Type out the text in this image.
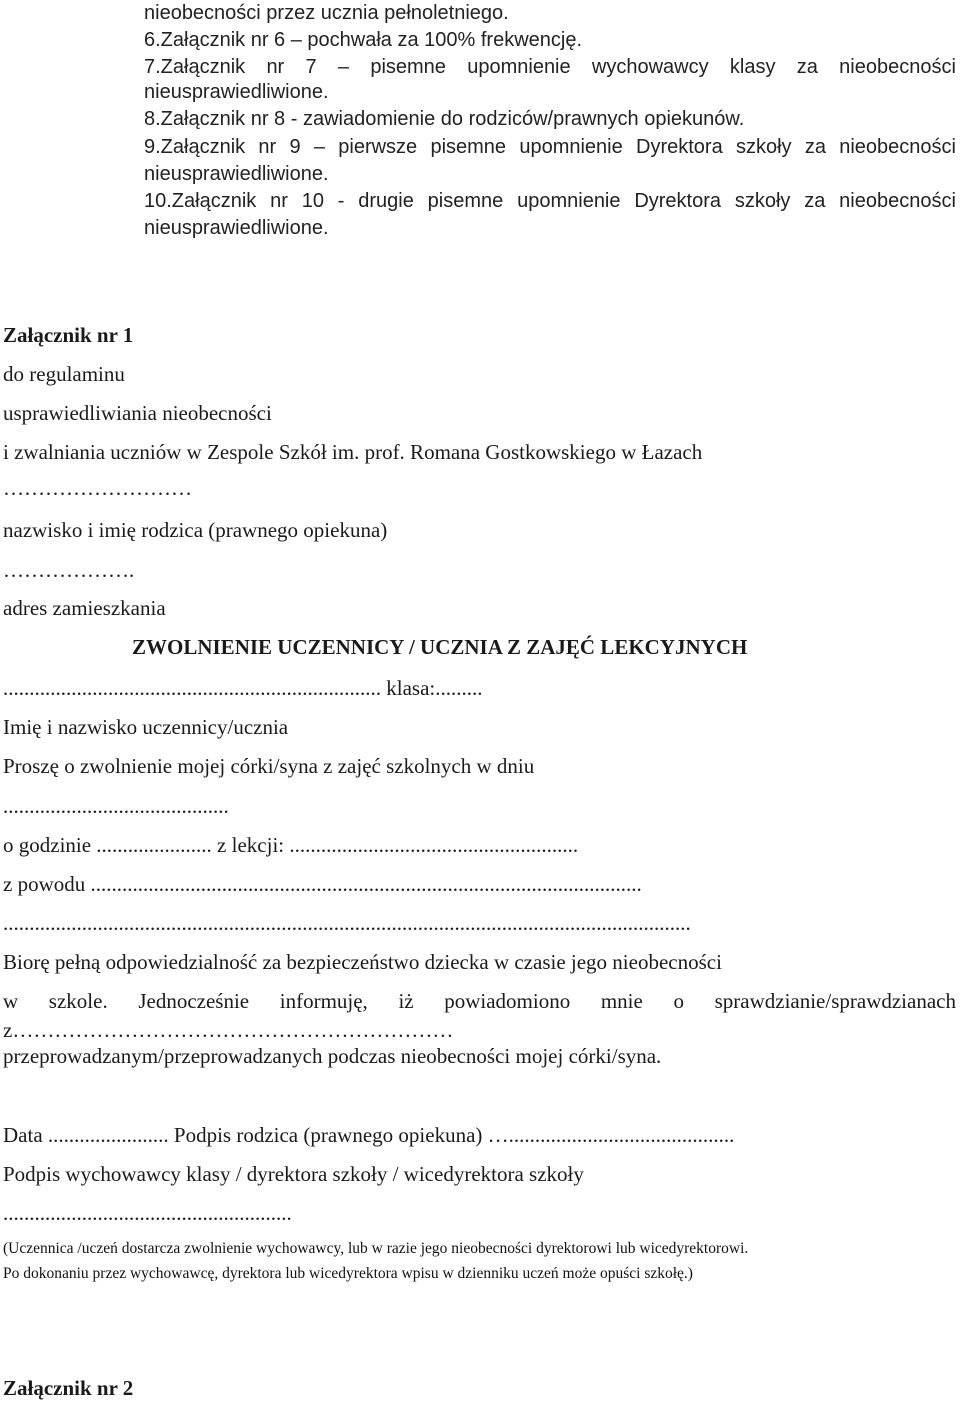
nieobecności przez ucznia pełnoletniego.
6.Załącznik nr 6 – pochwała za 100% frekwencję.
7.Załącznik nr 7 – pisemne upomnienie wychowawcy klasy za nieobecności
nieusprawiedliwione.
8.Załącznik nr 8 - zawiadomienie do rodziców/prawnych opiekunów.
9.Załącznik nr 9 – pierwsze pisemne upomnienie Dyrektora szkoły za nieobecności
nieusprawiedliwione.
10.Załącznik nr 10 - drugie pisemne upomnienie Dyrektora szkoły za nieobecności
nieusprawiedliwione.
Załącznik nr 1
do regulaminu
usprawiedliwiania nieobecności
i zwalniania uczniów w Zespole Szkół im. prof. Romana Gostkowskiego w Łazach
………………………
nazwisko i imię rodzica (prawnego opiekuna)
……………….
adres zamieszkania
ZWOLNIENIE UCZENNICY / UCZNIA Z ZAJĘĆ LEKCYJNYCH
........................................................................ klasa:.........
Imię i nazwisko uczennicy/ucznia
Proszę o zwolnienie mojej córki/syna z zajęć szkolnych w dniu
...........................................
o godzinie ...................... z lekcji: .......................................................
z powodu .........................................................................................................
...................................................................................................................................
Biorę pełną odpowiedzialność za bezpieczeństwo dziecka w czasie jego nieobecności
w szkole. Jednocześnie informuję, iż powiadomiono mnie o sprawdzianie/sprawdzianach
z………………………………………………………
przeprowadzanym/przeprowadzanych podczas nieobecności mojej córki/syna.
Data ....................... Podpis rodzica (prawnego opiekuna) …...........................................
Podpis wychowawcy klasy / dyrektora szkoły / wicedyrektora szkoły
.......................................................
(Uczennica /uczeń dostarcza zwolnienie wychowawcy, lub w razie jego nieobecności dyrektorowi lub wicedyrektorowi.
Po dokonaniu przez wychowawcę, dyrektora lub wicedyrektora wpisu w dzienniku uczeń może opuści szkołę.)
Załącznik nr 2
